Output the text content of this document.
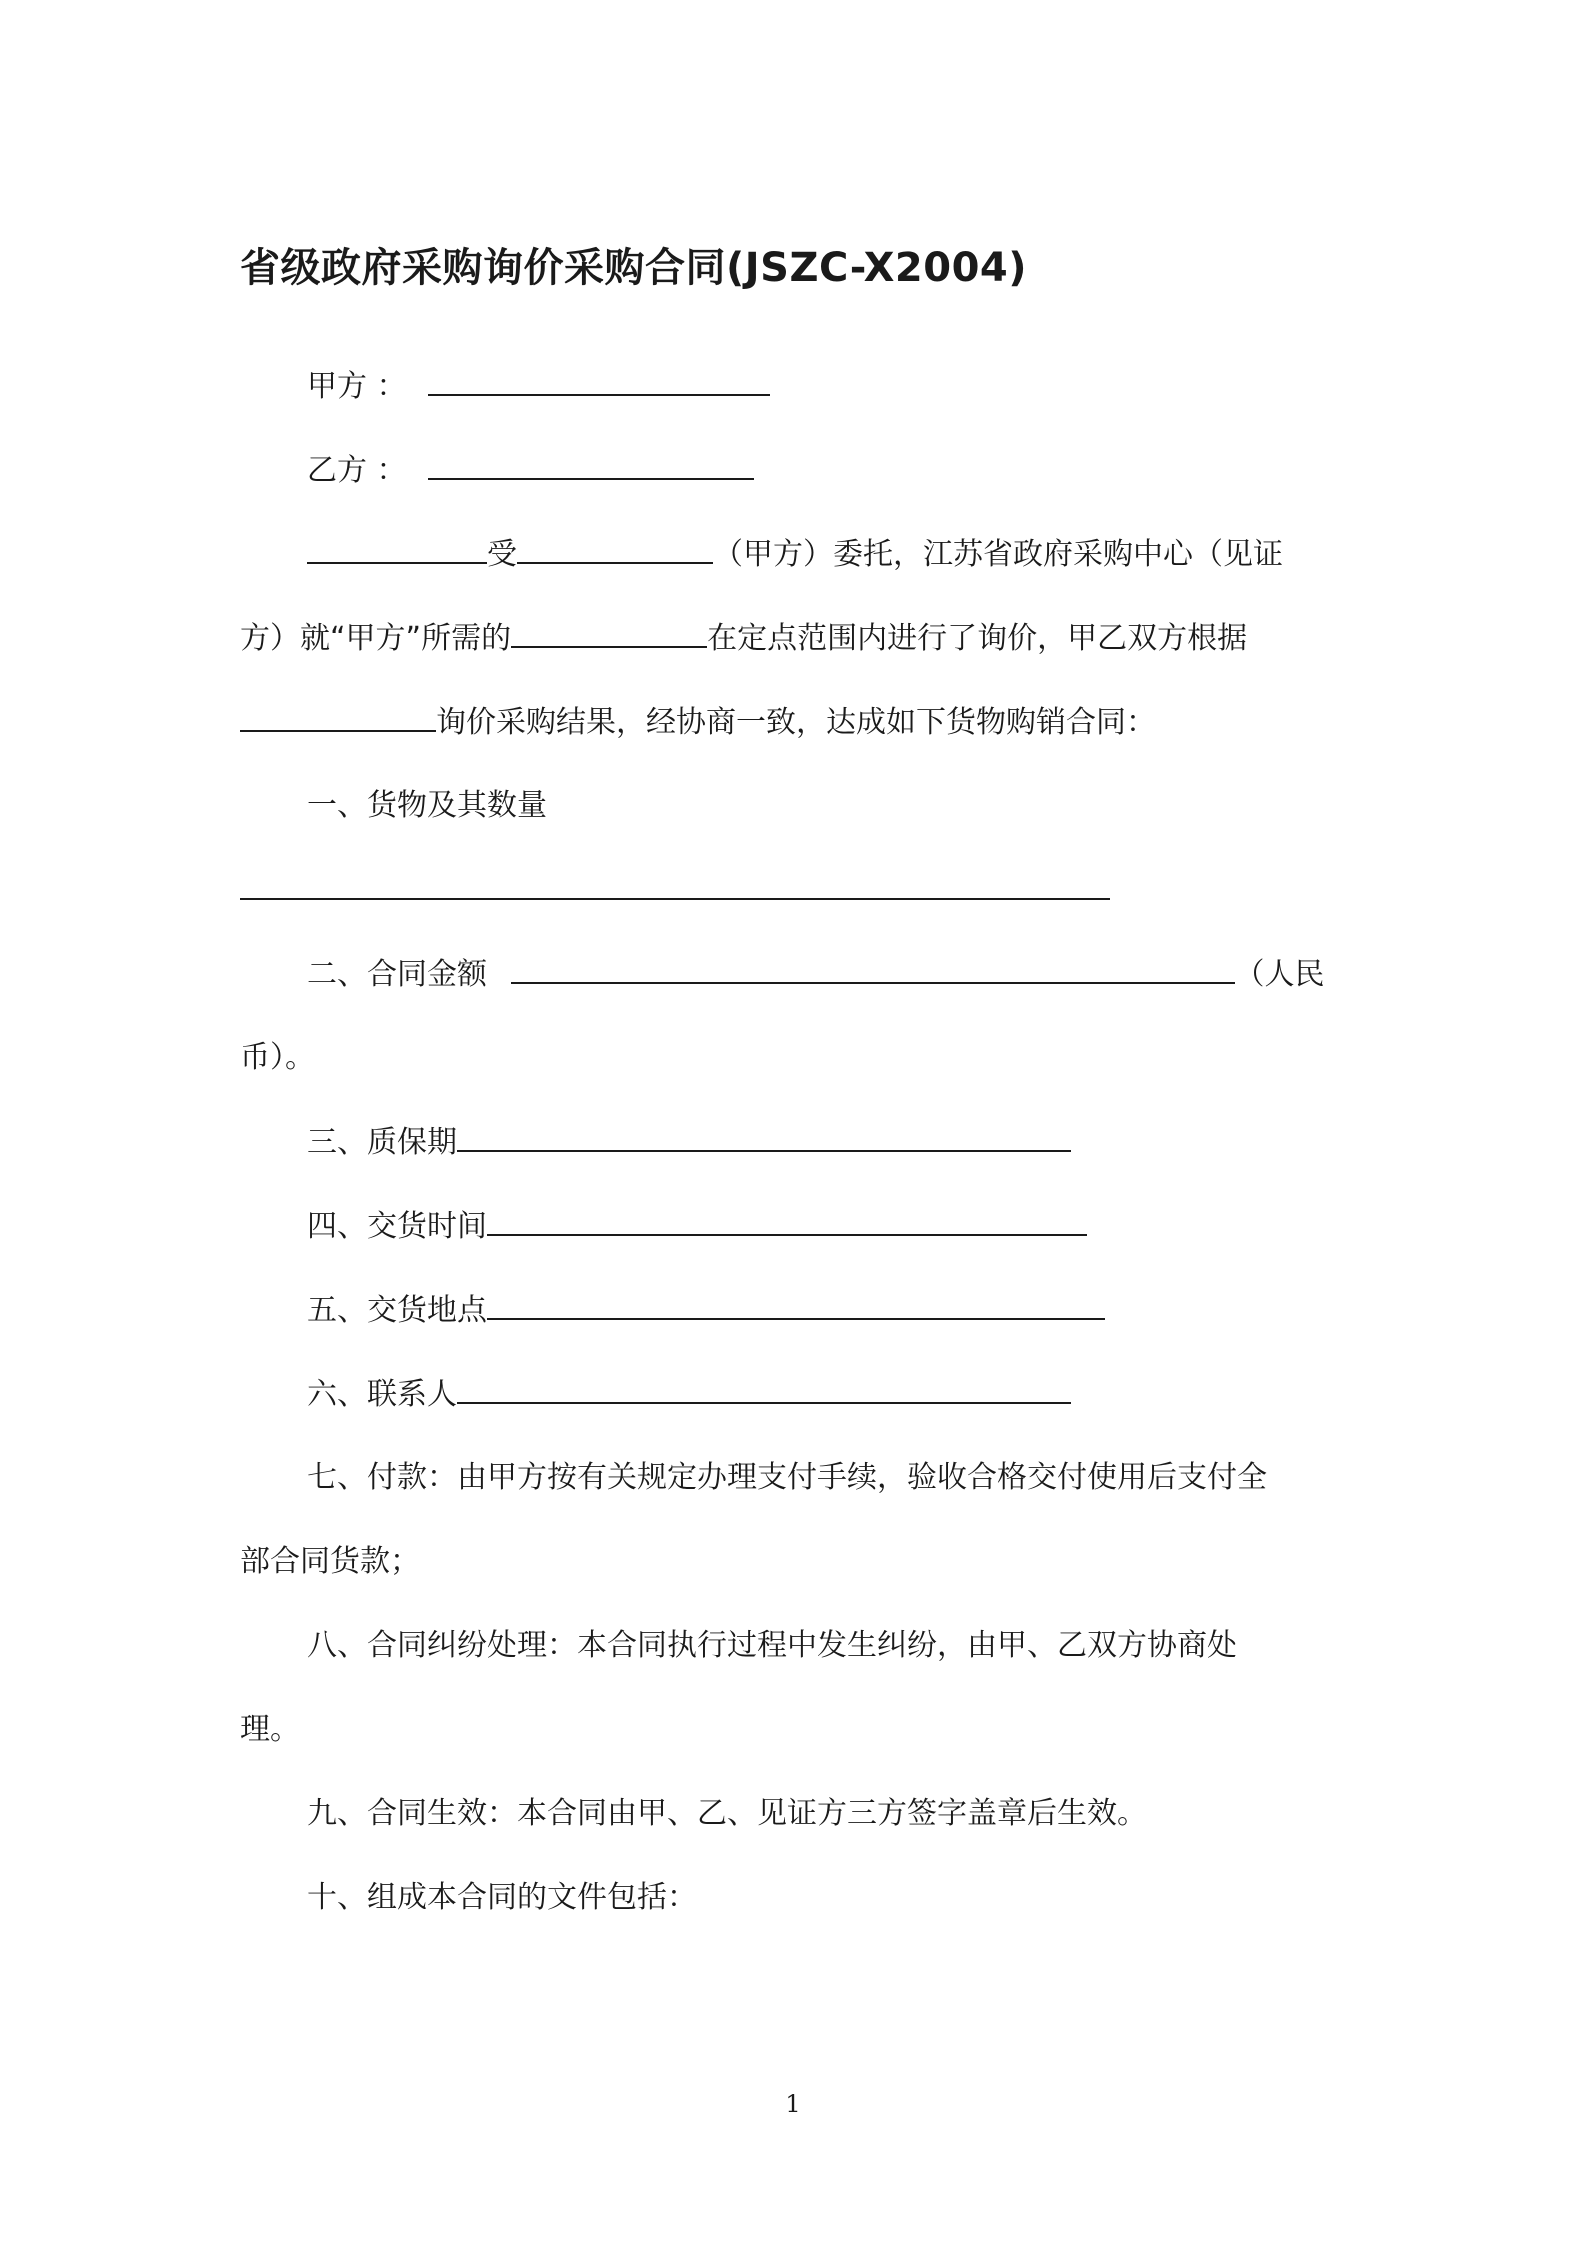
省级政府采购询价采购合同(JSZC-X2004)
甲方 ：
乙方 ：
受	（甲方）委托，江苏省政府采购中心（见证
方）就“甲方”所需的	在定点范围内进行了询价，甲乙双方根据
询价采购结果，经协商一致，达成如下货物购销合同：
一、货物及其数量
二、合同金额	（人民
币）。
三、质保期
四、交货时间
五、交货地点
六、联系人
七、付款：由甲方按有关规定办理支付手续，验收合格交付使用后支付全
部合同货款；
八、合同纠纷处理：本合同执行过程中发生纠纷，由甲、乙双方协商处
理。
九、合同生效：本合同由甲、乙、见证方三方签字盖章后生效。
十、组成本合同的文件包括：
1
